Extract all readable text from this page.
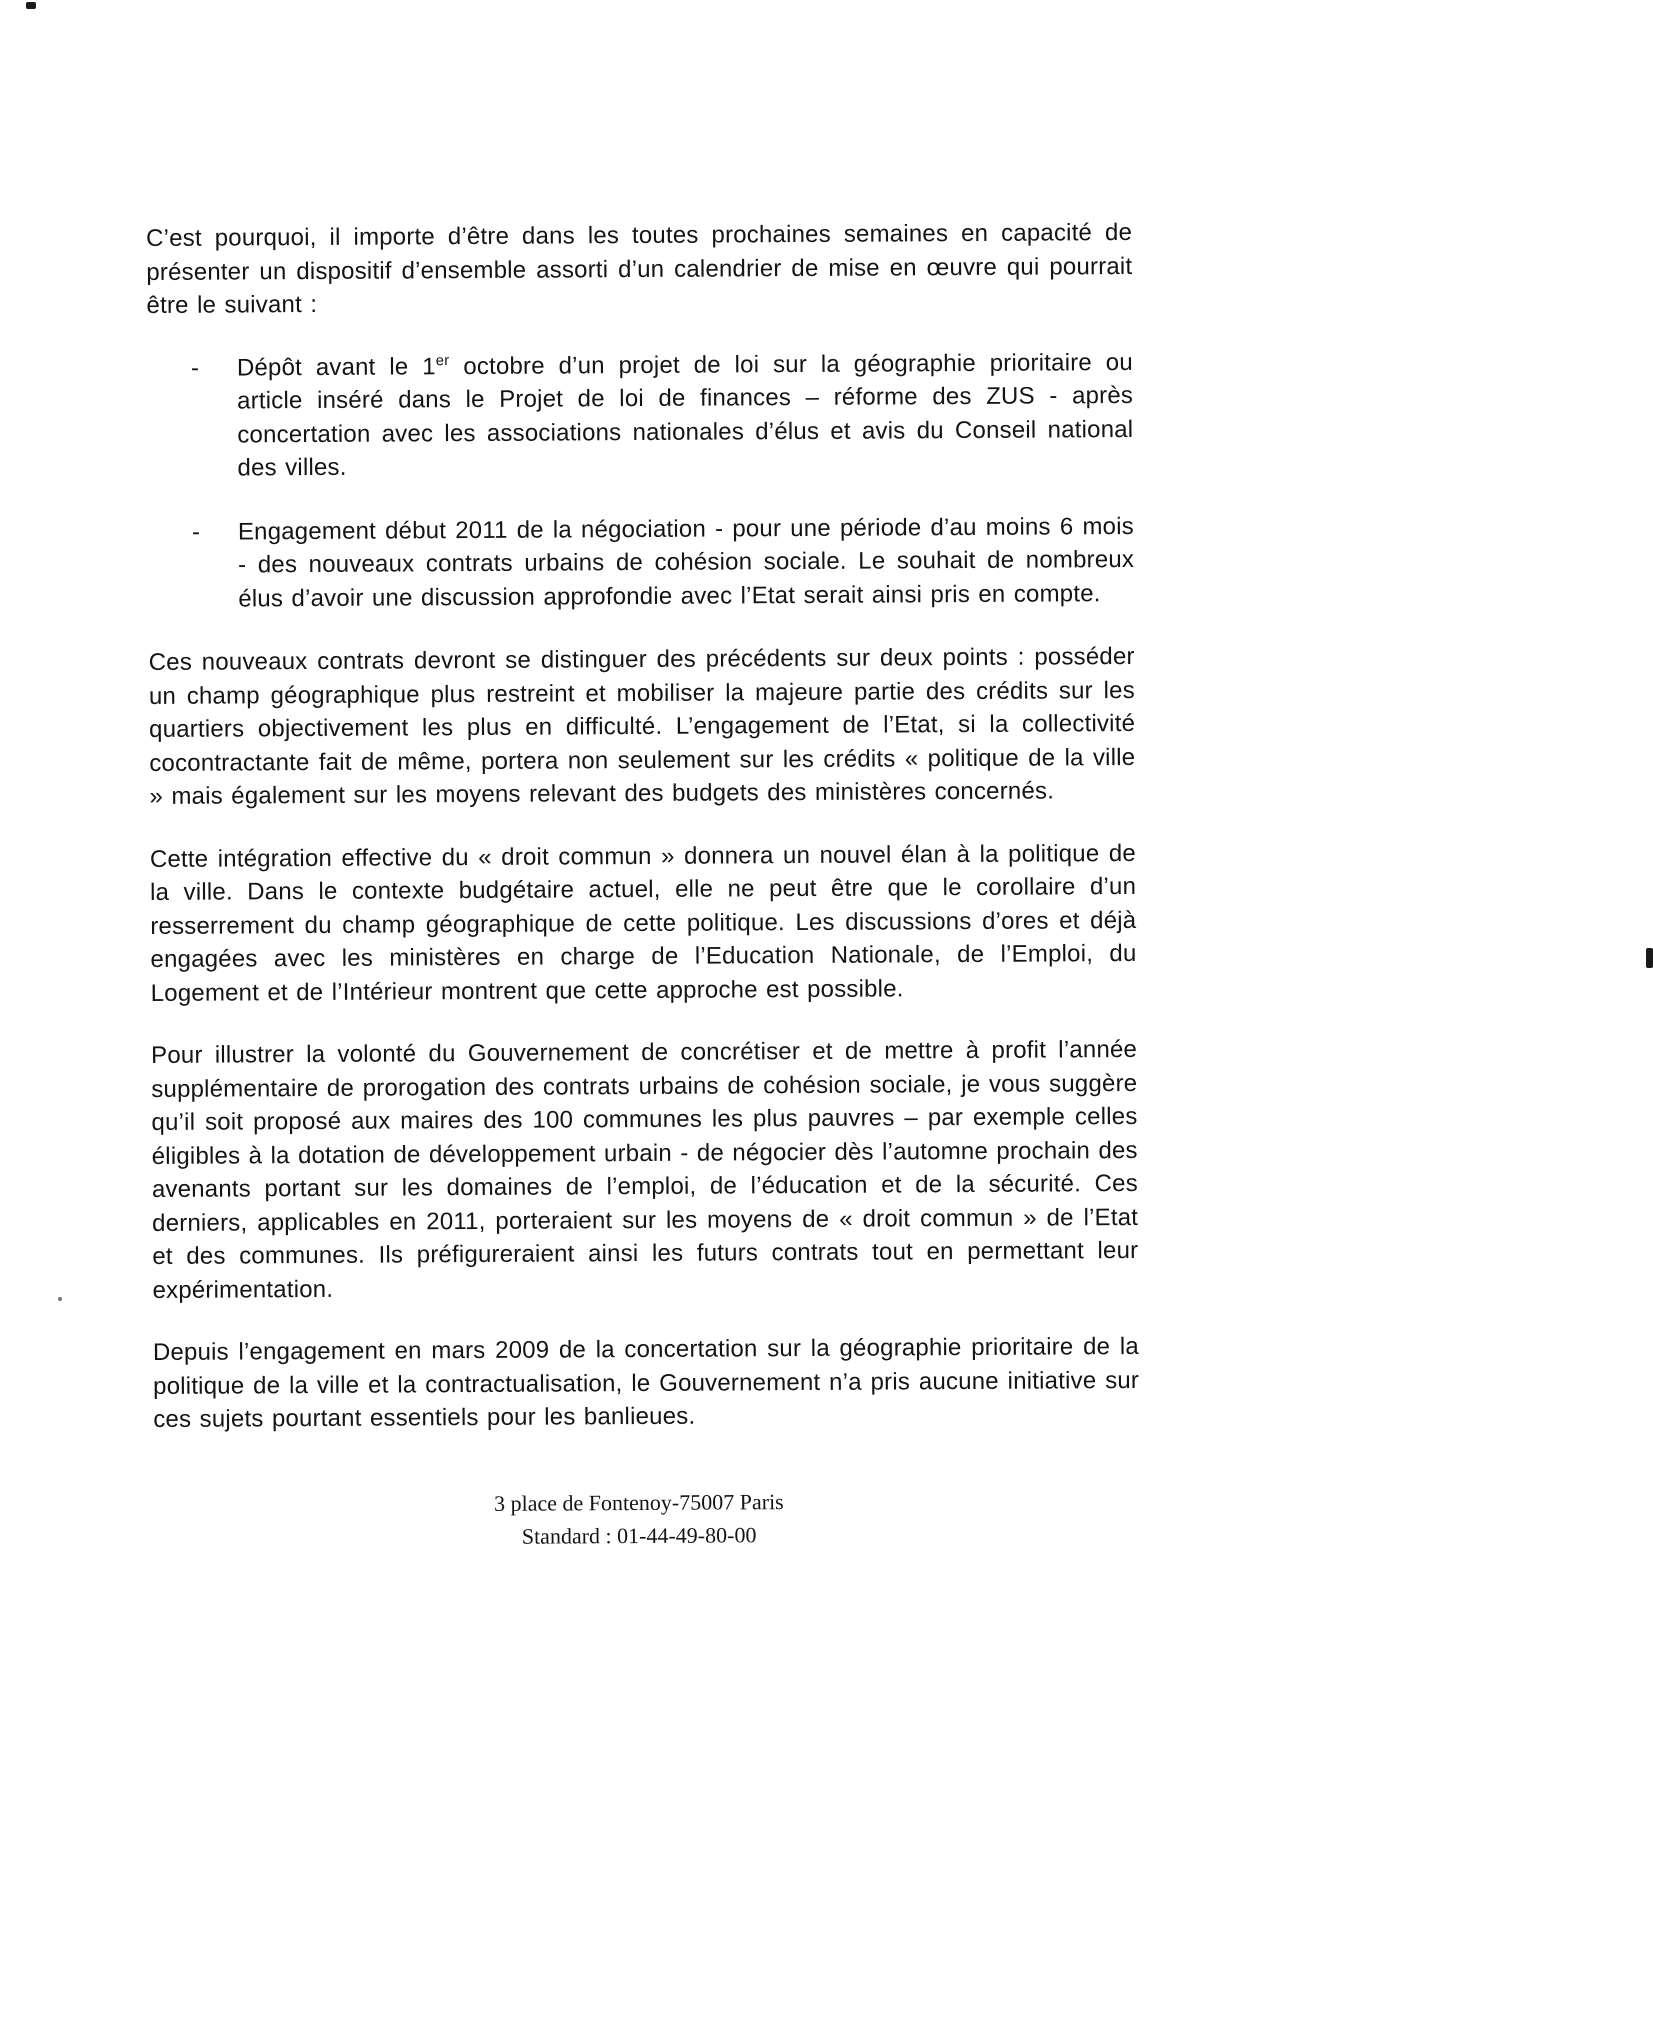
C’est pourquoi, il importe d’être dans les toutes prochaines semaines en capacité de présenter un dispositif d’ensemble assorti d’un calendrier de mise en œuvre qui pourrait être le suivant :

-	Dépôt avant le 1er octobre d’un projet de loi sur la géographie prioritaire ou article inséré dans le Projet de loi de finances – réforme des ZUS - après concertation avec les associations nationales d’élus et avis du Conseil national des villes.

-	Engagement début 2011 de la négociation - pour une période d’au moins 6 mois - des nouveaux contrats urbains de cohésion sociale. Le souhait de nombreux élus d’avoir une discussion approfondie avec l’Etat serait ainsi pris en compte.

Ces nouveaux contrats devront se distinguer des précédents sur deux points : posséder un champ géographique plus restreint et mobiliser la majeure partie des crédits sur les quartiers objectivement les plus en difficulté. L’engagement de l’Etat, si la collectivité cocontractante fait de même, portera non seulement sur les crédits « politique de la ville » mais également sur les moyens relevant des budgets des ministères concernés.

Cette intégration effective du « droit commun » donnera un nouvel élan à la politique de la ville. Dans le contexte budgétaire actuel, elle ne peut être que le corollaire d’un resserrement du champ géographique de cette politique. Les discussions d’ores et déjà engagées avec les ministères en charge de l’Education Nationale, de l’Emploi, du Logement et de l’Intérieur montrent que cette approche est possible.

Pour illustrer la volonté du Gouvernement de concrétiser et de mettre à profit l’année supplémentaire de prorogation des contrats urbains de cohésion sociale, je vous suggère qu’il soit proposé aux maires des 100 communes les plus pauvres – par exemple celles éligibles à la dotation de développement urbain - de négocier dès l’automne prochain des avenants portant sur les domaines de l’emploi, de l’éducation et de la sécurité. Ces derniers, applicables en 2011, porteraient sur les moyens de « droit commun » de l’Etat et des communes. Ils préfigureraient ainsi les futurs contrats tout en permettant leur expérimentation.

Depuis l’engagement en mars 2009 de la concertation sur la géographie prioritaire de la politique de la ville et la contractualisation, le Gouvernement n’a pris aucune initiative sur ces sujets pourtant essentiels pour les banlieues.

3 place de Fontenoy-75007 Paris
Standard : 01-44-49-80-00
